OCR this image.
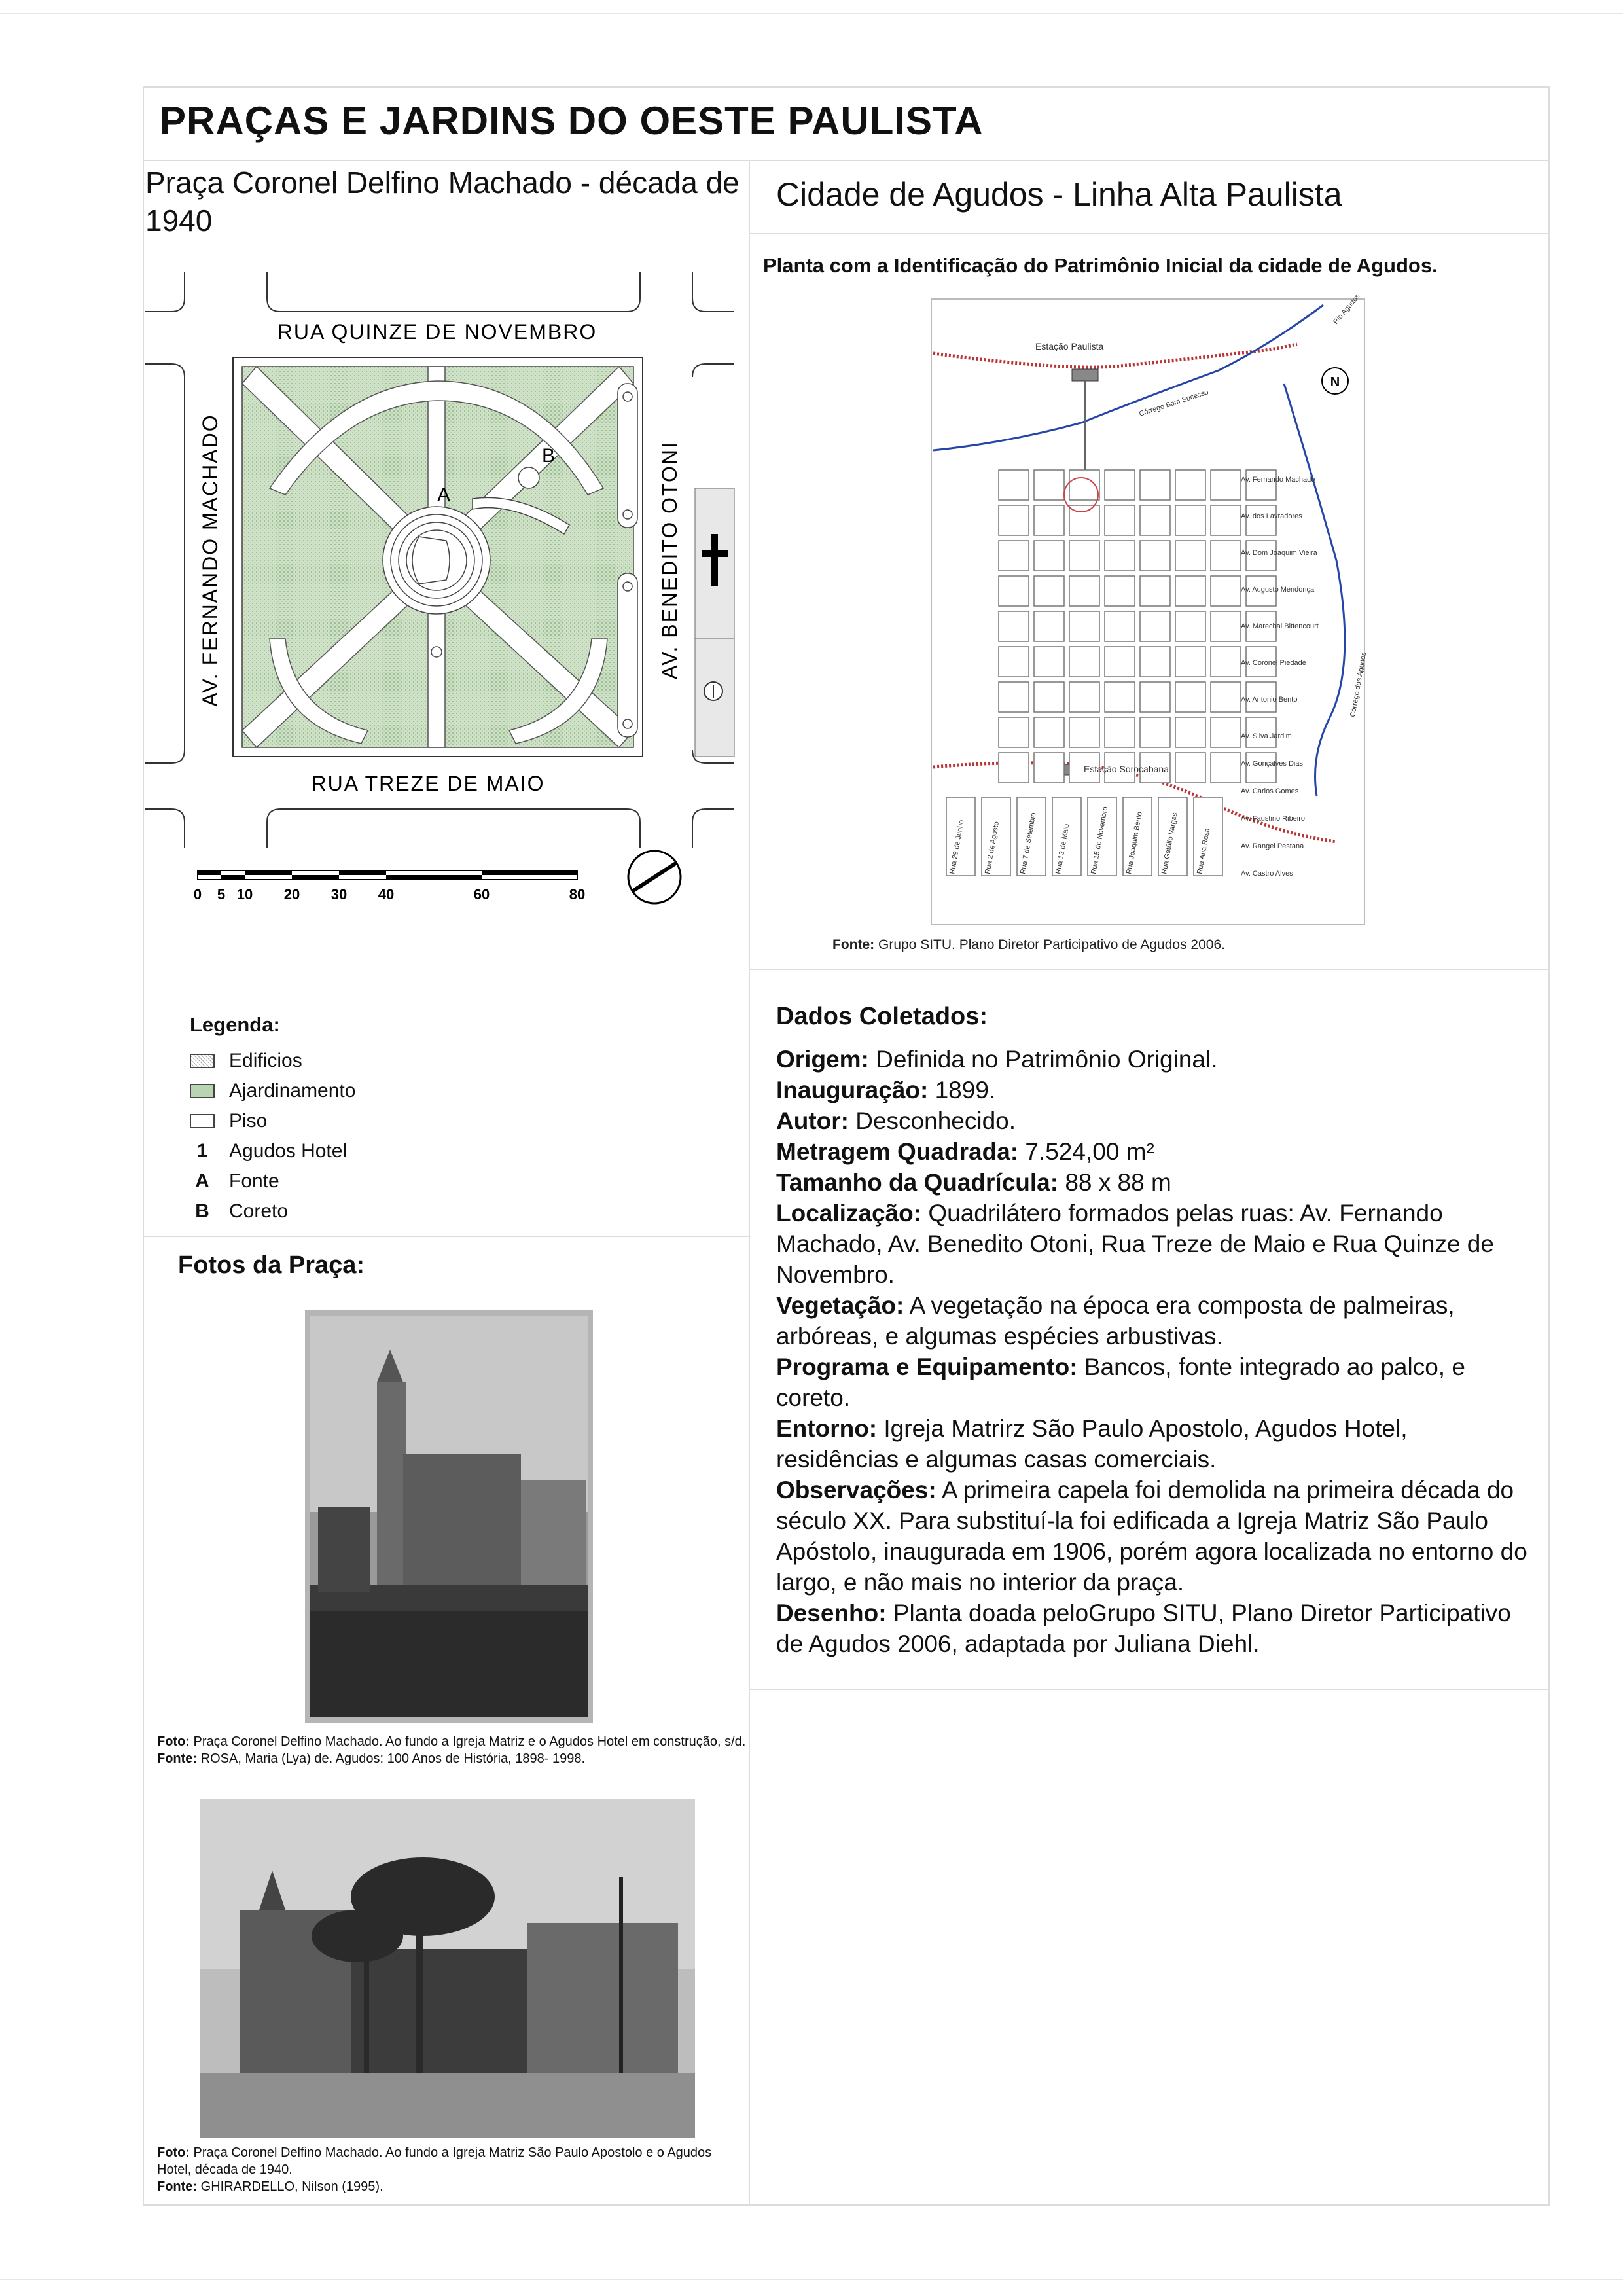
PRAÇAS E JARDINS DO OESTE PAULISTA
Praça Coronel Delfino Machado - década de 1940
Cidade de Agudos - Linha Alta Paulista
RUA QUINZE DE NOVEMBRO
RUA TREZE DE MAIO
AV. FERNANDO MACHADO	AV. BENEDITO OTONI
A
B
0 5 10 20 30 40	60	80
Planta com a Identificação do Patrimônio Inicial da cidade de Agudos.
N
Estação Paulista
Estação Sorocabana
Córrego Bom Sucesso
Rio Agudos
Córrego dos Agudos
Av. Fernando Machado
Av. dos Lavradores
Av. Dom Joaquim Vieira
Av. Augusto Mendonça
Av. Marechal Bittencourt
Av. Coronel Piedade
Av. Antonio Bento
Av. Silva Jardim
Av. Gonçalves Dias
Av. Carlos Gomes
Av. Faustino Ribeiro
Av. Rangel Pestana
Av. Castro Alves
Rua 29 de Junho	Rua 2 de Agosto	Rua 7 de Setembro Rua 13 de Maio	Rua 15 de Novembro Rua Joaquim Bento Rua Getúlio Vargas Rua Ana Rosa
Fonte: Grupo SITU. Plano Diretor Participativo de Agudos 2006.
Legenda:
Edificios
Ajardinamento
Piso
1	Agudos Hotel
A Fonte
B Coreto
Fotos da Praça:
Dados Coletados:

Origem: Definida no Patrimônio Original.

Inauguração: 1899.

Autor: Desconhecido.

Metragem Quadrada: 7.524,00 m²

Tamanho da Quadrícula: 88 x 88 m

Localização: Quadrilátero formados pelas ruas: Av. Fernando Machado, Av. Benedito Otoni, Rua Treze de Maio e Rua Quinze de Novembro.

Vegetação: A vegetação na época era composta de palmeiras, arbóreas, e algumas espécies arbustivas.

Programa e Equipamento: Bancos, fonte integrado ao palco, e coreto.

Entorno: Igreja Matrirz São Paulo Apostolo, Agudos Hotel, residências e algumas casas comerciais.

Observações: A primeira capela foi demolida na primeira década do século XX. Para substituí-la foi edificada a Igreja Matriz São Paulo Apóstolo, inaugurada em 1906, porém agora localizada no entorno do largo, e não mais no interior da praça.

Desenho: Planta doada peloGrupo SITU, Plano Diretor Participativo de Agudos 2006, adaptada por Juliana Diehl.

Foto: Praça Coronel Delfino Machado. Ao fundo a Igreja Matriz e o Agudos Hotel em construção, s/d.
Fonte: ROSA, Maria (Lya) de. Agudos: 100 Anos de História, 1898- 1998.
Foto: Praça Coronel Delfino Machado. Ao fundo a Igreja Matriz São Paulo Apostolo e o Agudos Hotel, década de 1940.
Fonte: GHIRARDELLO, Nilson (1995).
